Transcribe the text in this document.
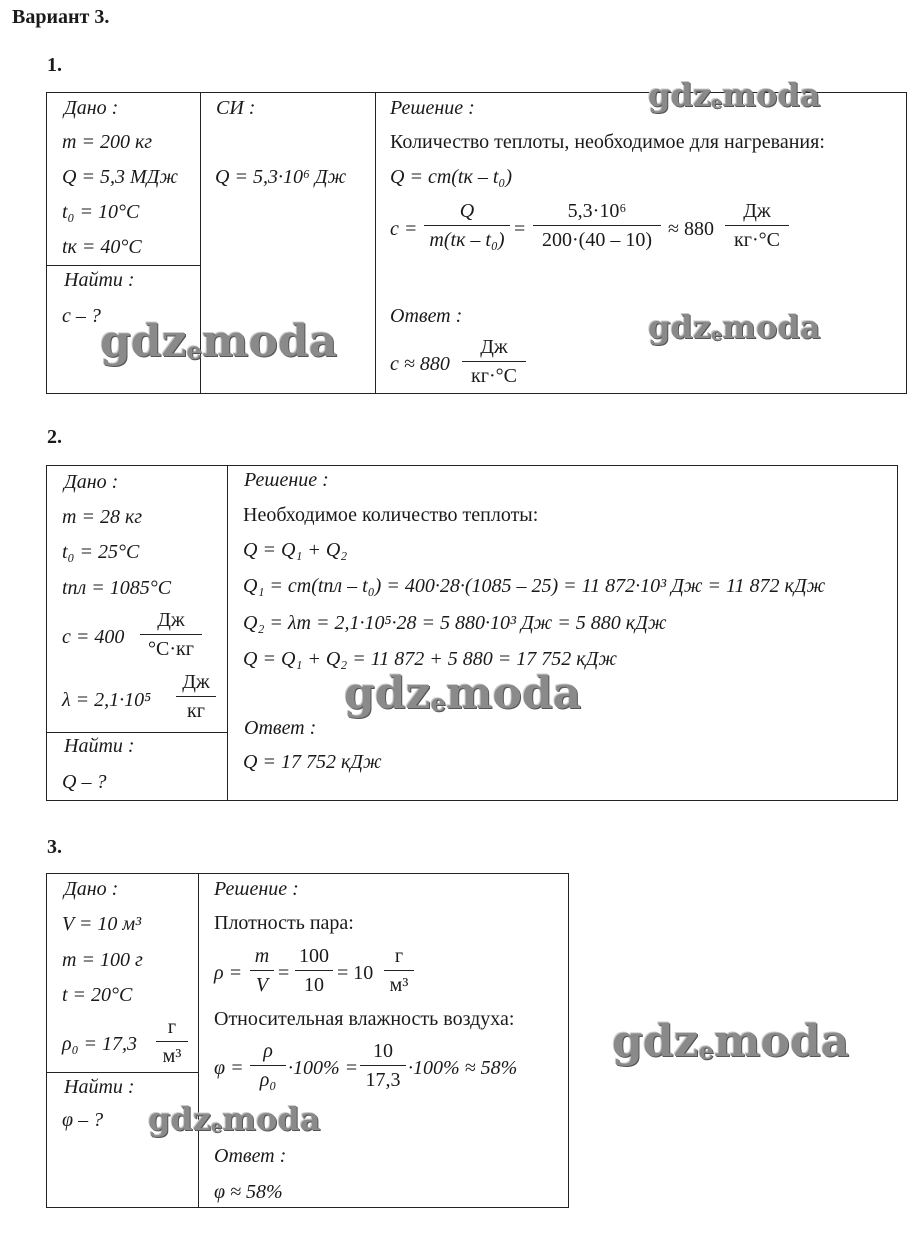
Вариант 3.
1.
Дано :
m = 200 кг
Q = 5,3 МДж
t₀ = 10°С
tк = 40°С
Найти :
c – ?
СИ :
Q = 5,3·10⁶ Дж
Решение :
Количество теплоты, необходимое для нагревания:
Q = cm(tк – t₀)
c =
Q
m(tк – t₀) =
5,3·10⁶
200·(40 – 10) ≈ 880
Дж
кг·°С
Ответ :
c ≈ 880
Дж
кг·°С
2.
Дано :
m = 28 кг
t₀ = 25°С
tпл = 1085°С
c = 400
Дж
°С·кг
λ = 2,1·10⁵
Дж
кг
Найти :
Q – ?
Решение :
Необходимое количество теплоты:
Q = Q₁ + Q₂
Q₁ = cm(tпл – t₀) = 400·28·(1085 – 25) = 11 872·10³ Дж = 11 872 кДж
Q₂ = λm = 2,1·10⁵·28 = 5 880·10³ Дж = 5 880 кДж
Q = Q₁ + Q₂ = 11 872 + 5 880 = 17 752 кДж
Ответ :
Q = 17 752 кДж
3.
Дано :
V = 10 м³
m = 100 г
t = 20°С
ρ₀ = 17,3
г
м³
Найти :
φ – ?
Решение :
Плотность пара:
ρ =
m
V
=
100
10
= 10
г
м³
Относительная влажность воздуха:
φ =
ρ
ρ₀
·100% =
10
17,3
·100% ≈ 58%
Ответ :
φ ≈ 58%
gdzemoda
gdzemoda	gdzemoda
gdzemoda
gdzemoda
gdzemoda
